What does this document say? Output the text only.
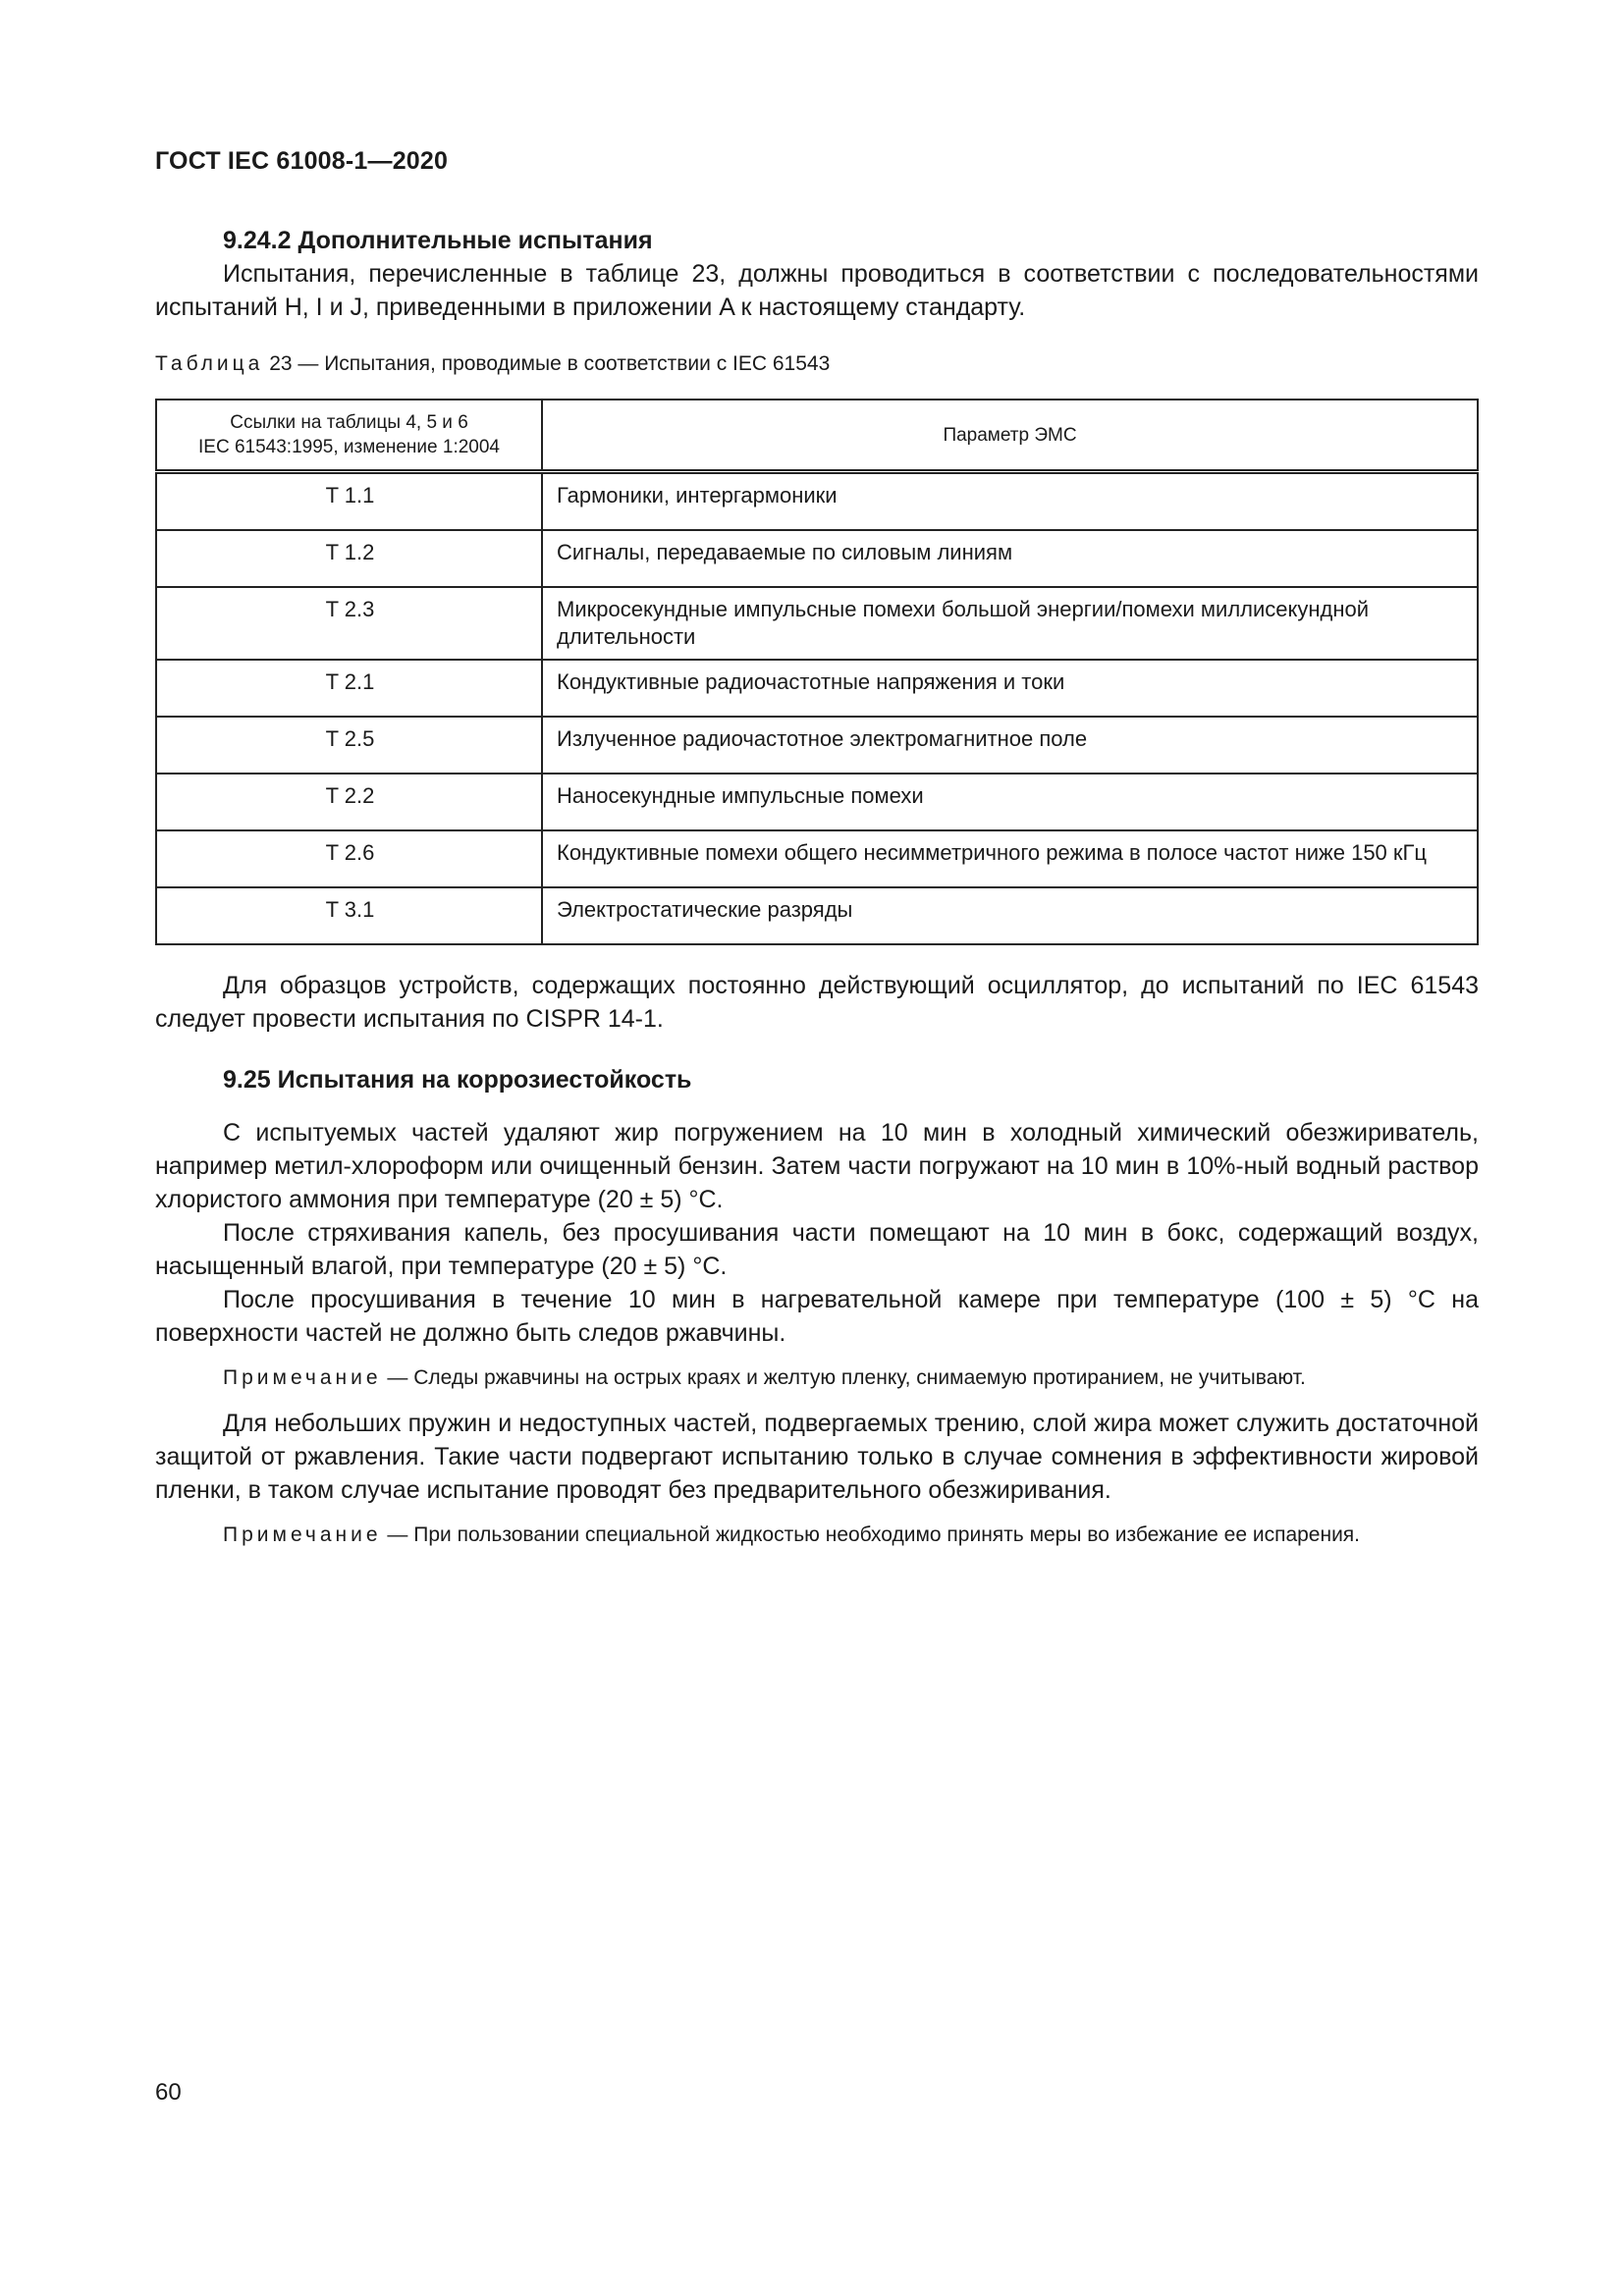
ГОСТ IEC 61008-1—2020

9.24.2 Дополнительные испытания

Испытания, перечисленные в таблице 23, должны проводиться в соответствии с последовательностями испытаний H, I и J, приведенными в приложении A к настоящему стандарту.

Таблица 23 — Испытания, проводимые в соответствии с IEC 61543

Ссылки на таблицы 4, 5 и 6
IEC 61543:1995, изменение 1:2004	Параметр ЭМС
T 1.1	Гармоники, интергармоники
T 1.2	Сигналы, передаваемые по силовым линиям
T 2.3	Микросекундные импульсные помехи большой энергии/помехи миллисекундной длительности
T 2.1	Кондуктивные радиочастотные напряжения и токи
T 2.5	Излученное радиочастотное электромагнитное поле
T 2.2	Наносекундные импульсные помехи
T 2.6	Кондуктивные помехи общего несимметричного режима в полосе частот ниже 150 кГц
T 3.1	Электростатические разряды

Для образцов устройств, содержащих постоянно действующий осциллятор, до испытаний по IEC 61543 следует провести испытания по CISPR 14-1.

9.25 Испытания на коррозиестойкость

С испытуемых частей удаляют жир погружением на 10 мин в холодный химический обезжириватель, например метил-хлороформ или очищенный бензин. Затем части погружают на 10 мин в 10%-ный водный раствор хлористого аммония при температуре (20 ± 5) °C.

После стряхивания капель, без просушивания части помещают на 10 мин в бокс, содержащий воздух, насыщенный влагой, при температуре (20 ± 5) °C.

После просушивания в течение 10 мин в нагревательной камере при температуре (100 ± 5) °C на поверхности частей не должно быть следов ржавчины.

Примечание — Следы ржавчины на острых краях и желтую пленку, снимаемую протиранием, не учитывают.

Для небольших пружин и недоступных частей, подвергаемых трению, слой жира может служить достаточной защитой от ржавления. Такие части подвергают испытанию только в случае сомнения в эффективности жировой пленки, в таком случае испытание проводят без предварительного обезжиривания.

Примечание — При пользовании специальной жидкостью необходимо принять меры во избежание ее испарения.

60
